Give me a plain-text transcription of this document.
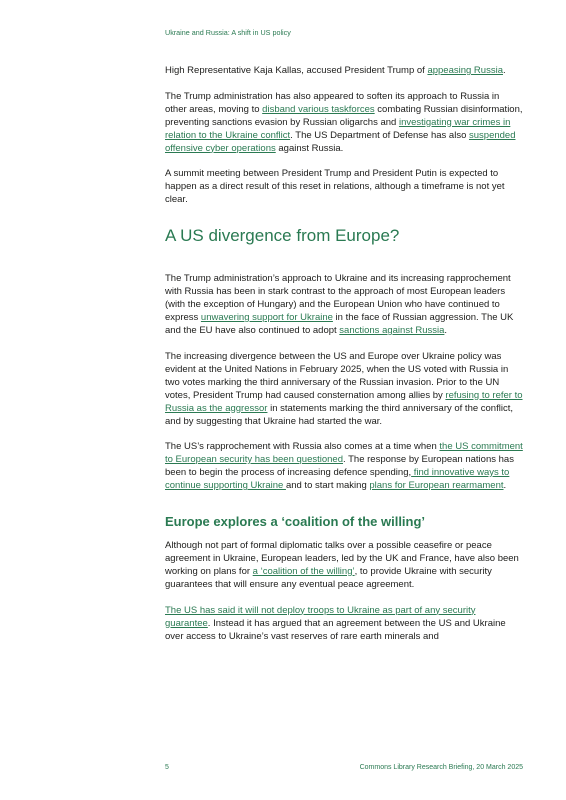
Ukraine and Russia: A shift in US policy

High Representative Kaja Kallas, accused President Trump of appeasing Russia.

The Trump administration has also appeared to soften its approach to Russia in other areas, moving to disband various taskforces combating Russian disinformation, preventing sanctions evasion by Russian oligarchs and investigating war crimes in relation to the Ukraine conflict. The US Department of Defense has also suspended offensive cyber operations against Russia.

A summit meeting between President Trump and President Putin is expected to happen as a direct result of this reset in relations, although a timeframe is not yet clear.

A US divergence from Europe?

The Trump administration’s approach to Ukraine and its increasing rapprochement with Russia has been in stark contrast to the approach of most European leaders (with the exception of Hungary) and the European Union who have continued to express unwavering support for Ukraine in the face of Russian aggression. The UK and the EU have also continued to adopt sanctions against Russia.

The increasing divergence between the US and Europe over Ukraine policy was evident at the United Nations in February 2025, when the US voted with Russia in two votes marking the third anniversary of the Russian invasion. Prior to the UN votes, President Trump had caused consternation among allies by refusing to refer to Russia as the aggressor in statements marking the third anniversary of the conflict, and by suggesting that Ukraine had started the war.

The US’s rapprochement with Russia also comes at a time when the US commitment to European security has been questioned. The response by European nations has been to begin the process of increasing defence spending, find innovative ways to continue supporting Ukraine and to start making plans for European rearmament.

Europe explores a ‘coalition of the willing’

Although not part of formal diplomatic talks over a possible ceasefire or peace agreement in Ukraine, European leaders, led by the UK and France, have also been working on plans for a ‘coalition of the willing’, to provide Ukraine with security guarantees that will ensure any eventual peace agreement.

The US has said it will not deploy troops to Ukraine as part of any security guarantee. Instead it has argued that an agreement between the US and Ukraine over access to Ukraine’s vast reserves of rare earth minerals and

5	Commons Library Research Briefing, 20 March 2025
